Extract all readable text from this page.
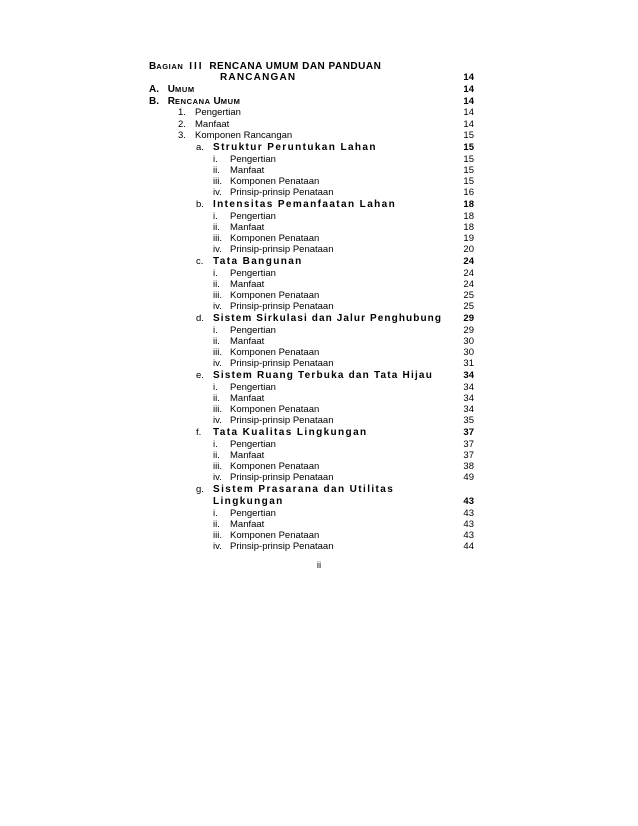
BAGIAN III RENCANA UMUM DAN PANDUAN
RANCANGAN	14
A. UMUM	14
B. RENCANA UMUM	14
1. Pengertian	14
2. Manfaat	14
3. Komponen Rancangan	15
a. Struktur Peruntukan Lahan	15
i. Pengertian	15
ii. Manfaat	15
iii. Komponen Penataan	15
iv. Prinsip-prinsip Penataan	16
b. Intensitas Pemanfaatan Lahan	18
i. Pengertian	18
ii. Manfaat	18
iii. Komponen Penataan	19
iv. Prinsip-prinsip Penataan	20
c. Tata Bangunan	24
i. Pengertian	24
ii. Manfaat	24
iii. Komponen Penataan	25
iv. Prinsip-prinsip Penataan	25
d. Sistem Sirkulasi dan Jalur Penghubung	29
i. Pengertian	29
ii. Manfaat	30
iii. Komponen Penataan	30
iv. Prinsip-prinsip Penataan	31
e. Sistem Ruang Terbuka dan Tata Hijau	34
i. Pengertian	34
ii. Manfaat	34
iii. Komponen Penataan	34
iv. Prinsip-prinsip Penataan	35
f. Tata Kualitas Lingkungan	37
i. Pengertian	37
ii. Manfaat	37
iii. Komponen Penataan	38
iv. Prinsip-prinsip Penataan	49
g. Sistem Prasarana dan Utilitas
Lingkungan	43
i. Pengertian	43
ii. Manfaat	43
iii. Komponen Penataan	43
iv. Prinsip-prinsip Penataan	44
ii
